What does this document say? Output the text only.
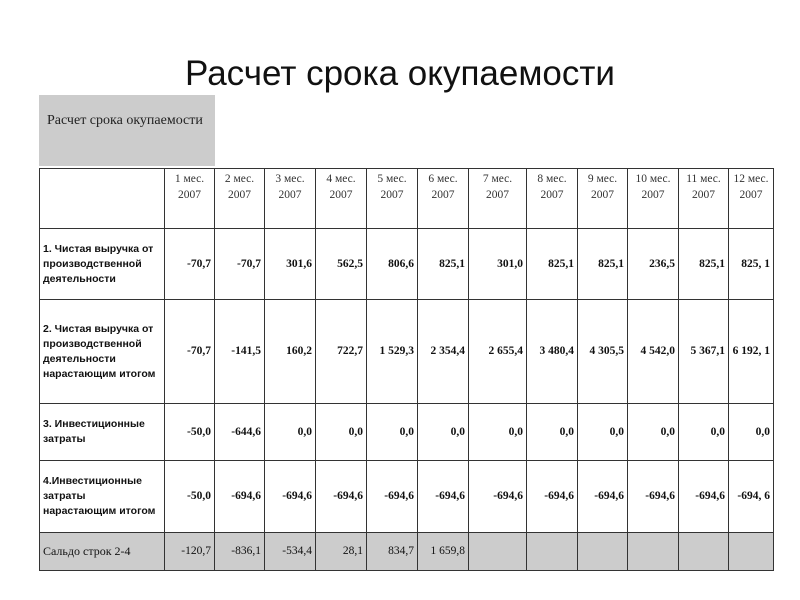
Расчет срока окупаемости
Расчет срока окупаемости
	1 мес. 2007	2 мес. 2007	3 мес. 2007	4 мес. 2007	5 мес. 2007	6 мес. 2007	7 мес. 2007	8 мес. 2007	9 мес. 2007	10 мес. 2007	11 мес. 2007	12 мес. 2007
1. Чистая выручка от производственной деятельности	-70,7	-70,7	301,6	562,5	806,6	825,1	301,0	825,1	825,1	236,5	825,1	825, 1
2. Чистая выручка от производственной деятельности нарастающим итогом	-70,7	-141,5	160,2	722,7	1 529,3	2 354,4	2 655,4	3 480,4	4 305,5	4 542,0	5 367,1	6 192, 1
3. Инвестиционные затраты	-50,0	-644,6	0,0	0,0	0,0	0,0	0,0	0,0	0,0	0,0	0,0	0,0
4.Инвестиционные затраты нарастающим итогом	-50,0	-694,6	-694,6	-694,6	-694,6	-694,6	-694,6	-694,6	-694,6	-694,6	-694,6	-694, 6
Сальдо строк 2-4	-120,7	-836,1	-534,4	28,1	834,7	1 659,8						
